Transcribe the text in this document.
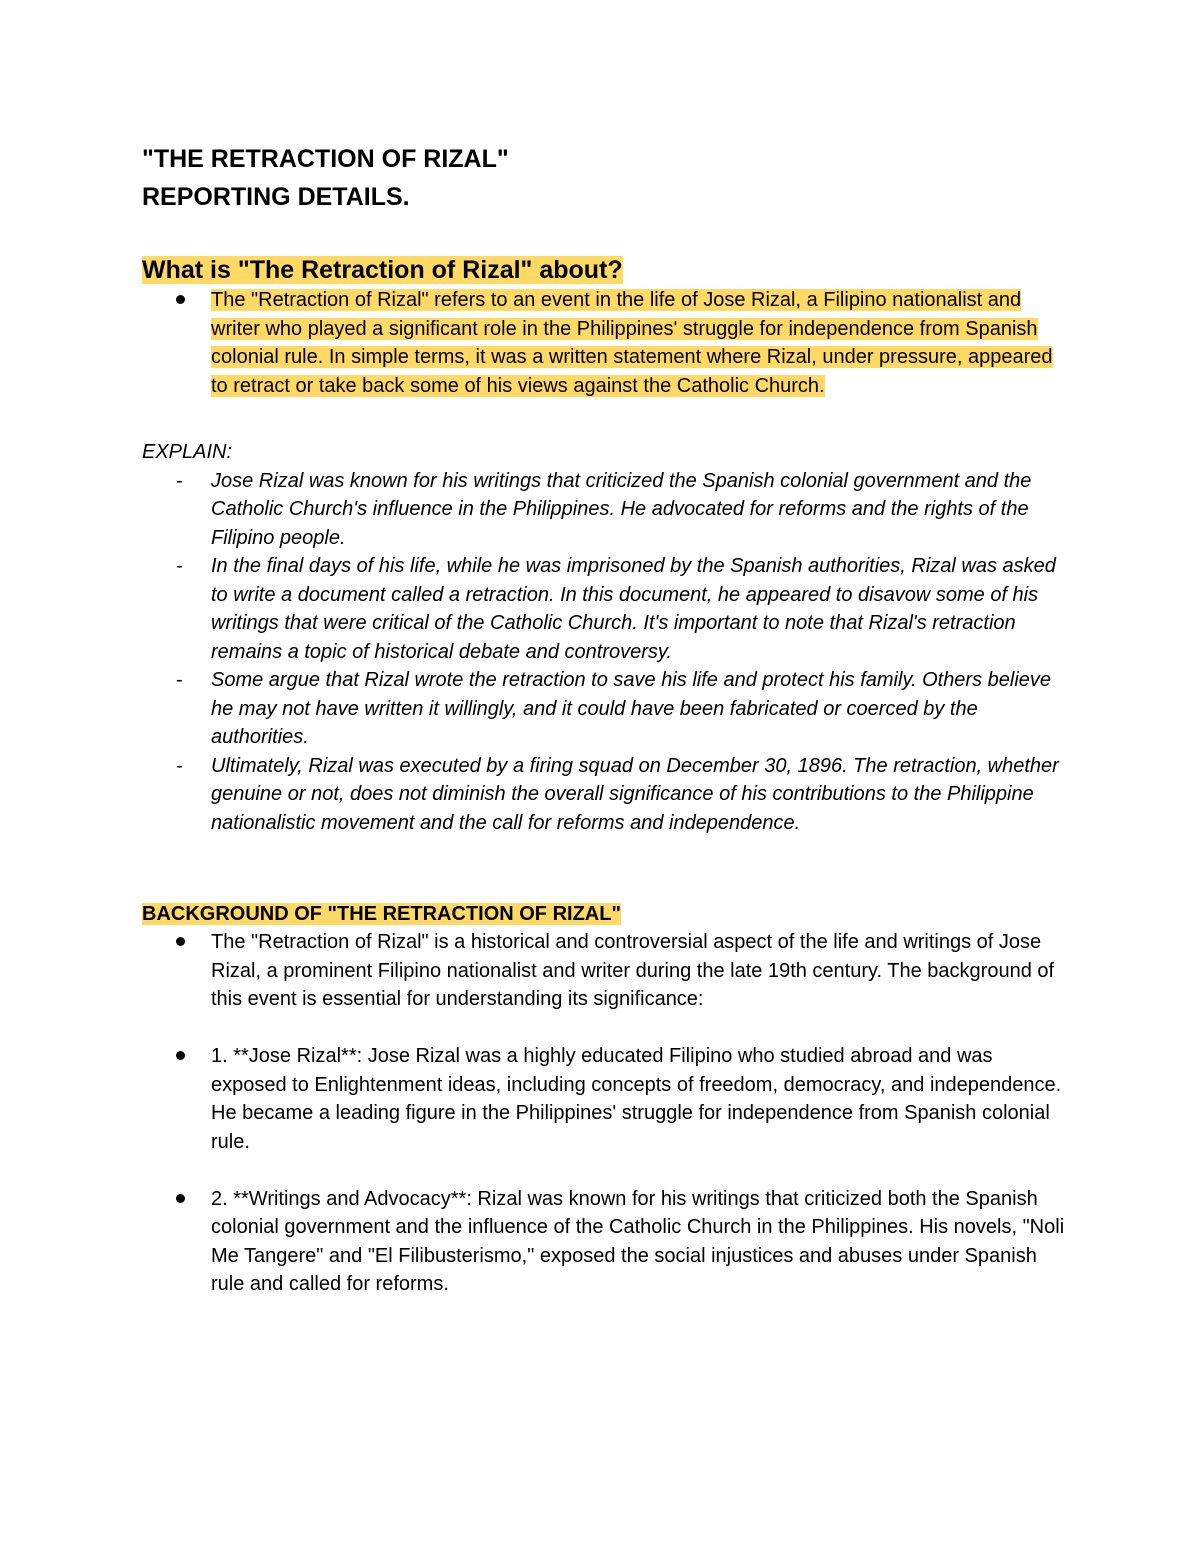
"THE RETRACTION OF RIZAL"
REPORTING DETAILS.
What is "The Retraction of Rizal" about?
The "Retraction of Rizal" refers to an event in the life of Jose Rizal, a Filipino nationalist and writer who played a significant role in the Philippines' struggle for independence from Spanish colonial rule. In simple terms, it was a written statement where Rizal, under pressure, appeared to retract or take back some of his views against the Catholic Church.

EXPLAIN:

- Jose Rizal was known for his writings that criticized the Spanish colonial government and the Catholic Church's influence in the Philippines. He advocated for reforms and the rights of the Filipino people.
- In the final days of his life, while he was imprisoned by the Spanish authorities, Rizal was asked to write a document called a retraction. In this document, he appeared to disavow some of his writings that were critical of the Catholic Church. It's important to note that Rizal's retraction remains a topic of historical debate and controversy.
- Some argue that Rizal wrote the retraction to save his life and protect his family. Others believe he may not have written it willingly, and it could have been fabricated or coerced by the authorities.
- Ultimately, Rizal was executed by a firing squad on December 30, 1896. The retraction, whether genuine or not, does not diminish the overall significance of his contributions to the Philippine nationalistic movement and the call for reforms and independence.
BACKGROUND OF "THE RETRACTION OF RIZAL"
The "Retraction of Rizal" is a historical and controversial aspect of the life and writings of Jose Rizal, a prominent Filipino nationalist and writer during the late 19th century. The background of this event is essential for understanding its significance:
1. **Jose Rizal**: Jose Rizal was a highly educated Filipino who studied abroad and was exposed to Enlightenment ideas, including concepts of freedom, democracy, and independence. He became a leading figure in the Philippines' struggle for independence from Spanish colonial rule.
2. **Writings and Advocacy**: Rizal was known for his writings that criticized both the Spanish colonial government and the influence of the Catholic Church in the Philippines. His novels, "Noli Me Tangere" and "El Filibusterismo," exposed the social injustices and abuses under Spanish rule and called for reforms.
